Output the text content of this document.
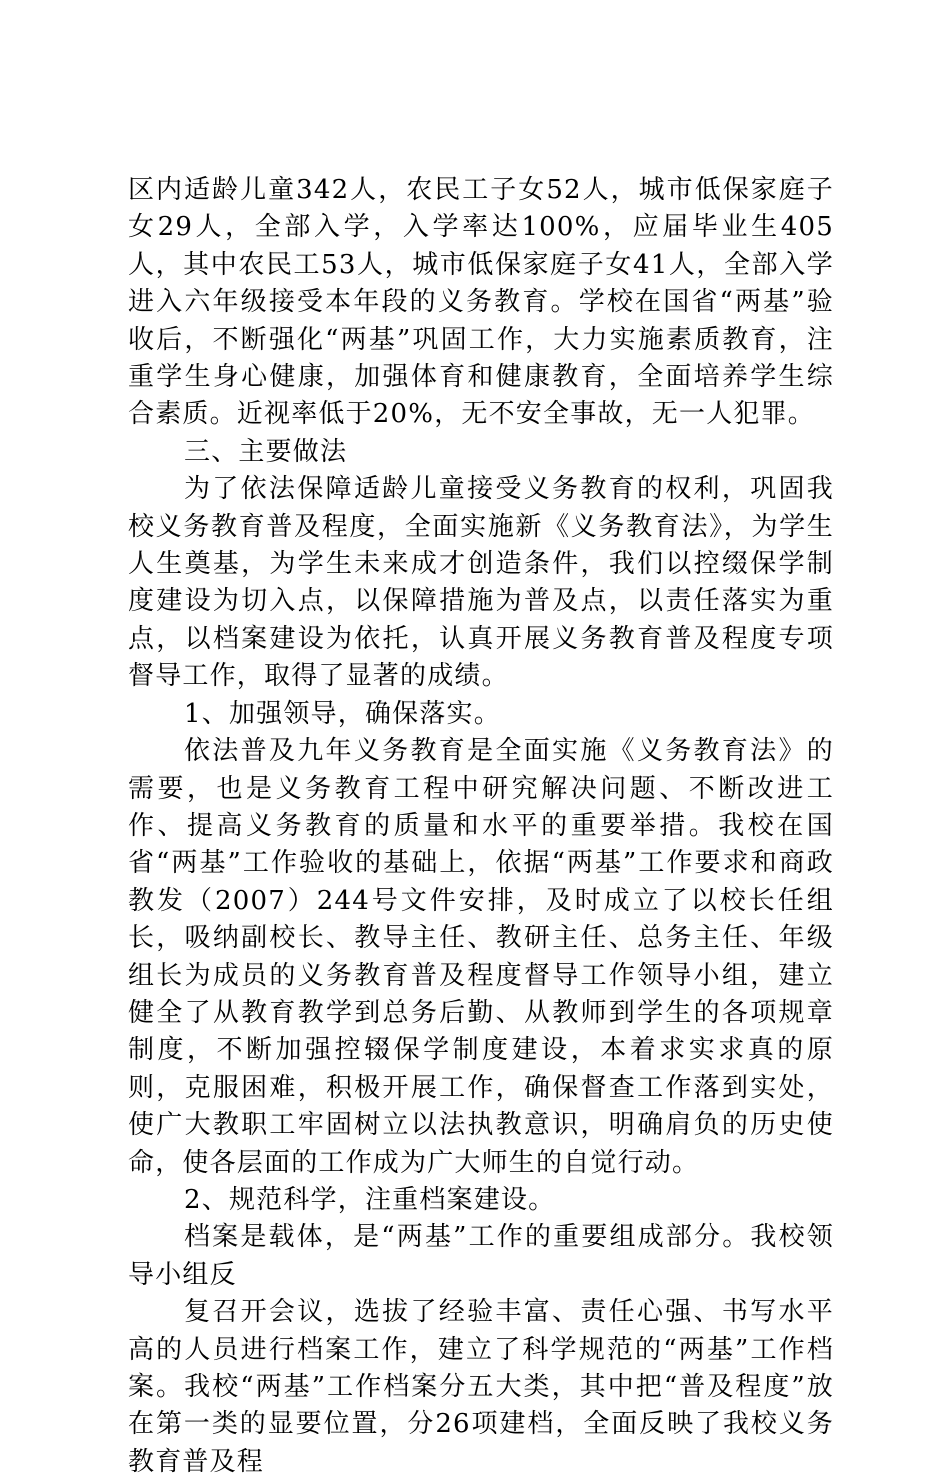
区内适龄儿童342人，农民工子女52人，城市低保家庭子女29人，全部入学，入学率达100%，应届毕业生405人，其中农民工53人，城市低保家庭子女41人，全部入学进入六年级接受本年段的义务教育。学校在国省“两基”验收后，不断强化“两基”巩固工作，大力实施素质教育，注重学生身心健康，加强体育和健康教育，全面培养学生综合素质。近视率低于20%，无不安全事故，无一人犯罪。

三、主要做法

为了依法保障适龄儿童接受义务教育的权利，巩固我校义务教育普及程度，全面实施新《义务教育法》，为学生人生奠基，为学生未来成才创造条件，我们以控缀保学制度建设为切入点，以保障措施为普及点，以责任落实为重点，以档案建设为依托，认真开展义务教育普及程度专项督导工作，取得了显著的成绩。

1、加强领导，确保落实。

依法普及九年义务教育是全面实施《义务教育法》的需要，也是义务教育工程中研究解决问题、不断改进工作、提高义务教育的质量和水平的重要举措。我校在国省“两基”工作验收的基础上，依据“两基”工作要求和商政教发（2007）244号文件安排，及时成立了以校长任组长，吸纳副校长、教导主任、教研主任、总务主任、年级组长为成员的义务教育普及程度督导工作领导小组，建立健全了从教育教学到总务后勤、从教师到学生的各项规章制度，不断加强控辍保学制度建设，本着求实求真的原则，克服困难，积极开展工作，确保督查工作落到实处，使广大教职工牢固树立以法执教意识，明确肩负的历史使命，使各层面的工作成为广大师生的自觉行动。

2、规范科学，注重档案建设。

档案是载体，是“两基”工作的重要组成部分。我校领导小组反

复召开会议，选拔了经验丰富、责任心强、书写水平高的人员进行档案工作，建立了科学规范的“两基”工作档案。我校“两基”工作档案分五大类，其中把“普及程度”放在第一类的显要位置，分26项建档，全面反映了我校义务教育普及程
